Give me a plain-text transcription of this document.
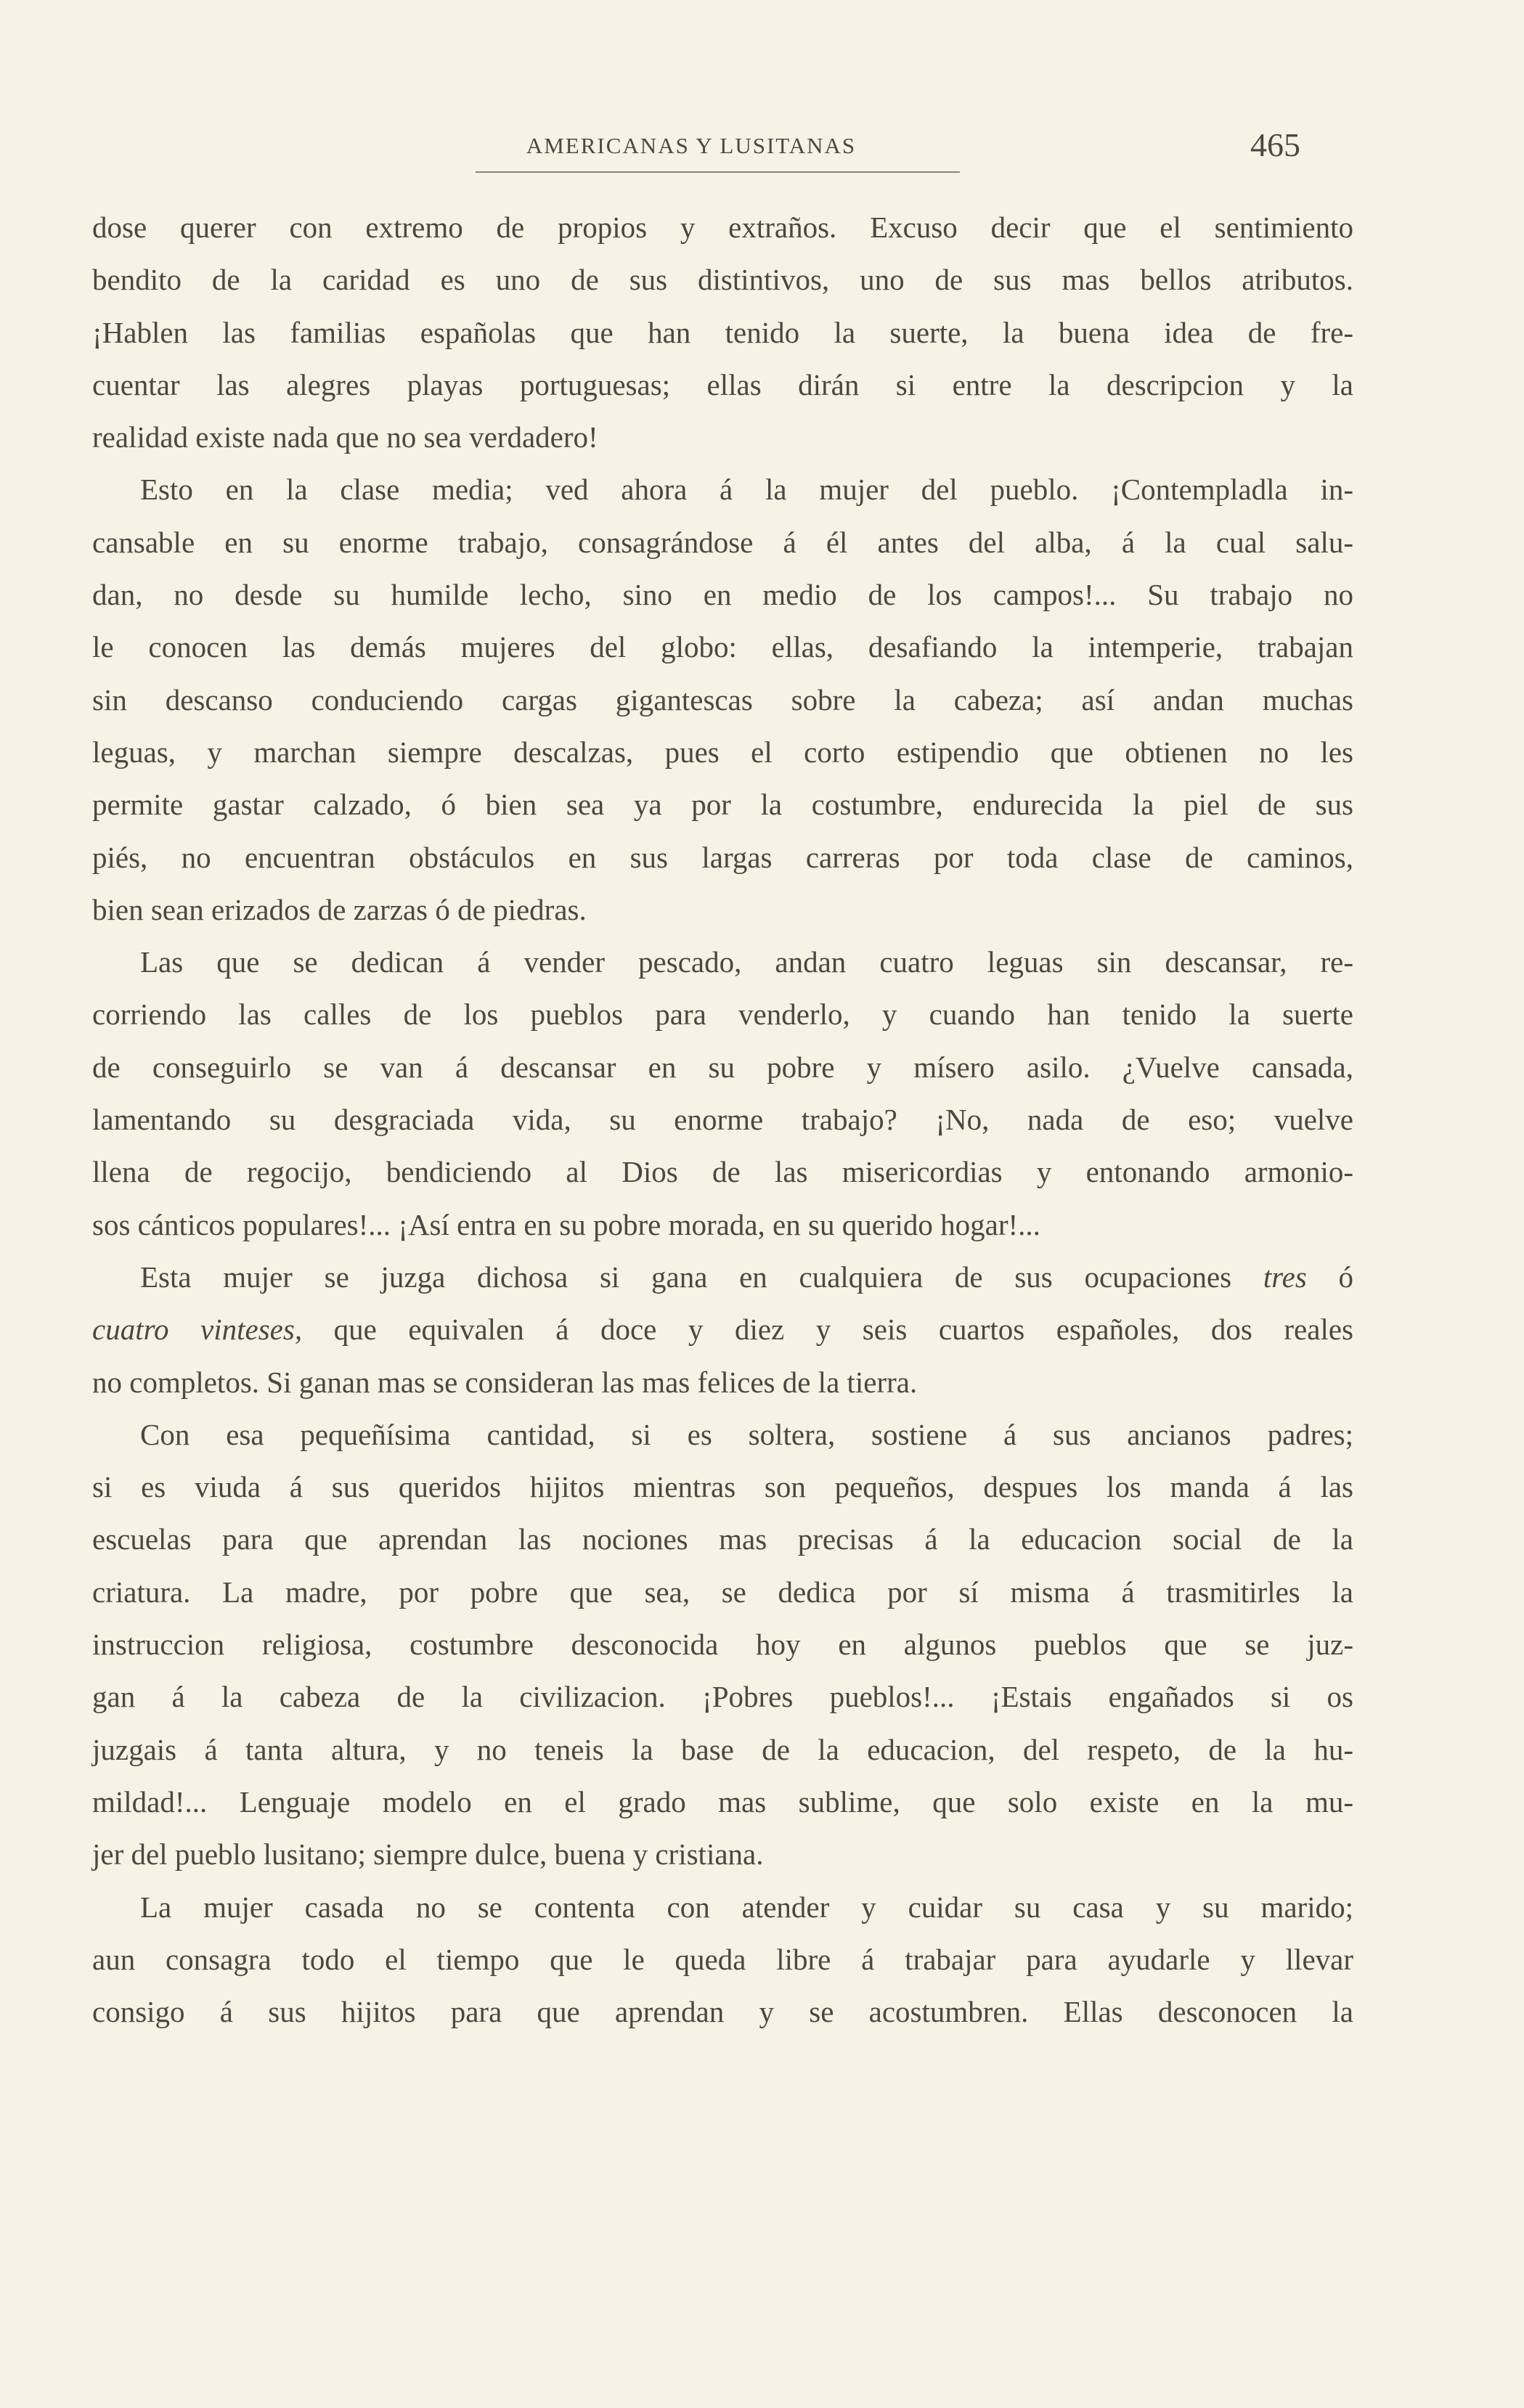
AMERICANAS Y LUSITANAS	465
dose querer con extremo de propios y extraños. Excuso decir que el sentimiento
bendito de la caridad es uno de sus distintivos, uno de sus mas bellos atributos.
¡Hablen las familias españolas que han tenido la suerte, la buena idea de fre-
cuentar las alegres playas portuguesas; ellas dirán si entre la descripcion y la
realidad existe nada que no sea verdadero!
Esto en la clase media; ved ahora á la mujer del pueblo. ¡Contempladla in-
cansable en su enorme trabajo, consagrándose á él antes del alba, á la cual salu-
dan, no desde su humilde lecho, sino en medio de los campos!... Su trabajo no
le conocen las demás mujeres del globo: ellas, desafiando la intemperie, trabajan
sin descanso conduciendo cargas gigantescas sobre la cabeza; así andan muchas
leguas, y marchan siempre descalzas, pues el corto estipendio que obtienen no les
permite gastar calzado, ó bien sea ya por la costumbre, endurecida la piel de sus
piés, no encuentran obstáculos en sus largas carreras por toda clase de caminos,
bien sean erizados de zarzas ó de piedras.
Las que se dedican á vender pescado, andan cuatro leguas sin descansar, re-
corriendo las calles de los pueblos para venderlo, y cuando han tenido la suerte
de conseguirlo se van á descansar en su pobre y mísero asilo. ¿Vuelve cansada,
lamentando su desgraciada vida, su enorme trabajo? ¡No, nada de eso; vuelve
llena de regocijo, bendiciendo al Dios de las misericordias y entonando armonio-
sos cánticos populares!... ¡Así entra en su pobre morada, en su querido hogar!...
Esta mujer se juzga dichosa si gana en cualquiera de sus ocupaciones tres ó
cuatro vinteses, que equivalen á doce y diez y seis cuartos españoles, dos reales
no completos. Si ganan mas se consideran las mas felices de la tierra.
Con esa pequeñísima cantidad, si es soltera, sostiene á sus ancianos padres;
si es viuda á sus queridos hijitos mientras son pequeños, despues los manda á las
escuelas para que aprendan las nociones mas precisas á la educacion social de la
criatura. La madre, por pobre que sea, se dedica por sí misma á trasmitirles la
instruccion religiosa, costumbre desconocida hoy en algunos pueblos que se juz-
gan á la cabeza de la civilizacion. ¡Pobres pueblos!... ¡Estais engañados si os
juzgais á tanta altura, y no teneis la base de la educacion, del respeto, de la hu-
mildad!... Lenguaje modelo en el grado mas sublime, que solo existe en la mu-
jer del pueblo lusitano; siempre dulce, buena y cristiana.
La mujer casada no se contenta con atender y cuidar su casa y su marido;
aun consagra todo el tiempo que le queda libre á trabajar para ayudarle y llevar
consigo á sus hijitos para que aprendan y se acostumbren. Ellas desconocen la
